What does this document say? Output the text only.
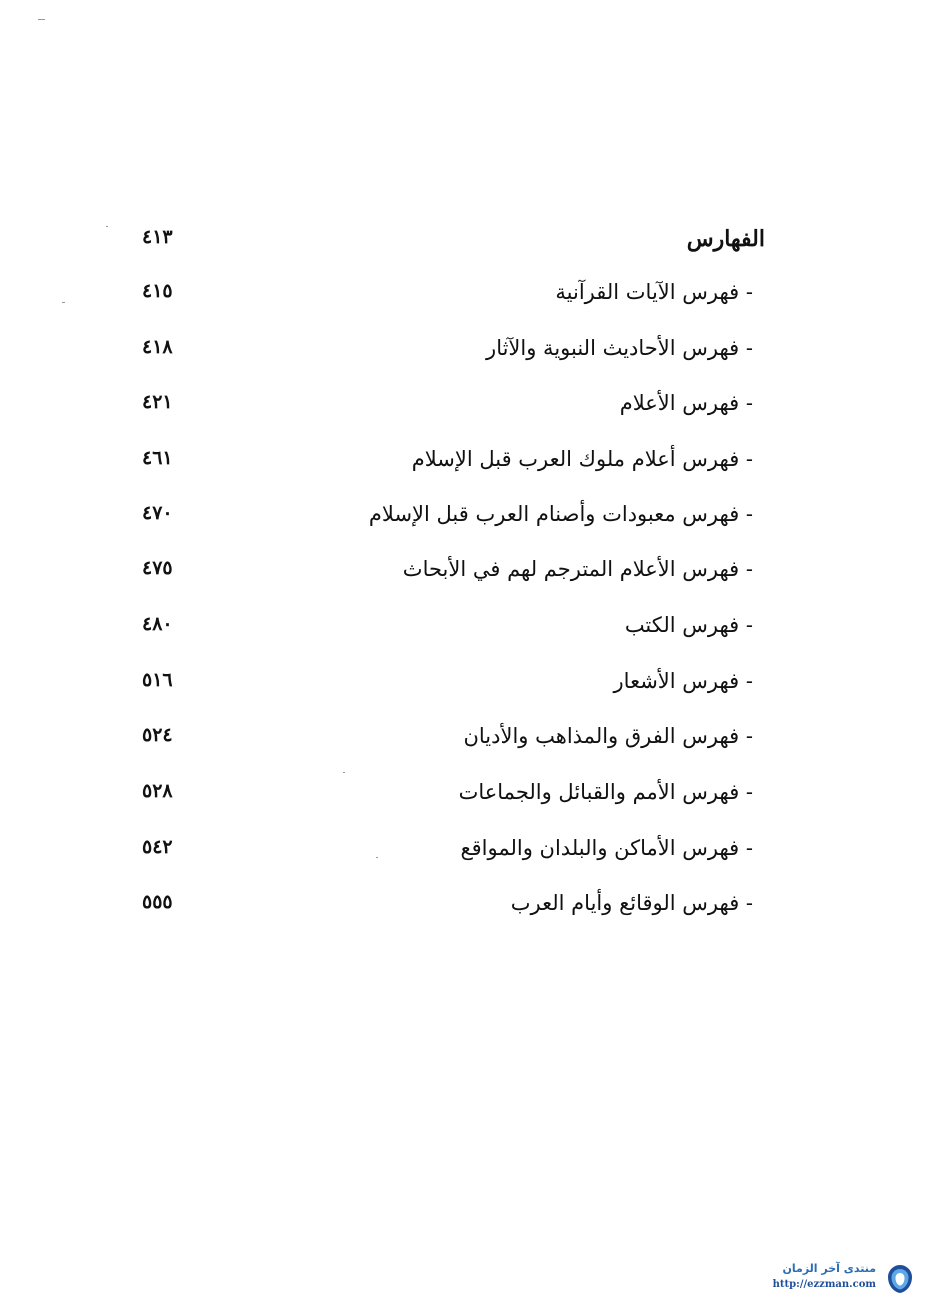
الفهارس
٤١٣
- فهرس الآيات القرآنية
٤١٥
- فهرس الأحاديث النبوية والآثار
٤١٨
- فهرس الأعلام
٤٢١
- فهرس أعلام ملوك العرب قبل الإسلام
٤٦١
- فهرس معبودات وأصنام العرب قبل الإسلام
٤٧٠
- فهرس الأعلام المترجم لهم في الأبحاث
٤٧٥
- فهرس الكتب
٤٨٠
- فهرس الأشعار
٥١٦
- فهرس الفرق والمذاهب والأديان
٥٢٤
- فهرس الأمم والقبائل والجماعات
٥٢٨
- فهرس الأماكن والبلدان والمواقع
٥٤٢
- فهرس الوقائع وأيام العرب
٥٥٥
منتدى آخر الزمان
http://ezzman.com
